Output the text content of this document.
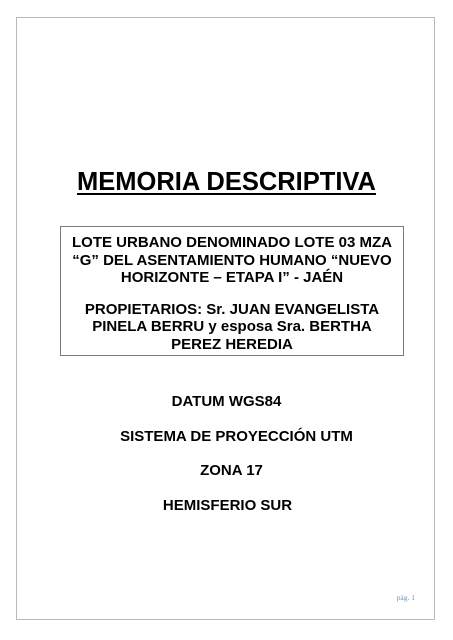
MEMORIA DESCRIPTIVA

LOTE URBANO DENOMINADO LOTE 03 MZA
“G” DEL ASENTAMIENTO HUMANO “NUEVO
HORIZONTE – ETAPA I” - JAÉN

PROPIETARIOS: Sr. JUAN EVANGELISTA
PINELA BERRU y esposa Sra. BERTHA
PEREZ HEREDIA

DATUM WGS84
SISTEMA DE PROYECCIÓN UTM
ZONA 17
HEMISFERIO SUR
pág. 1
